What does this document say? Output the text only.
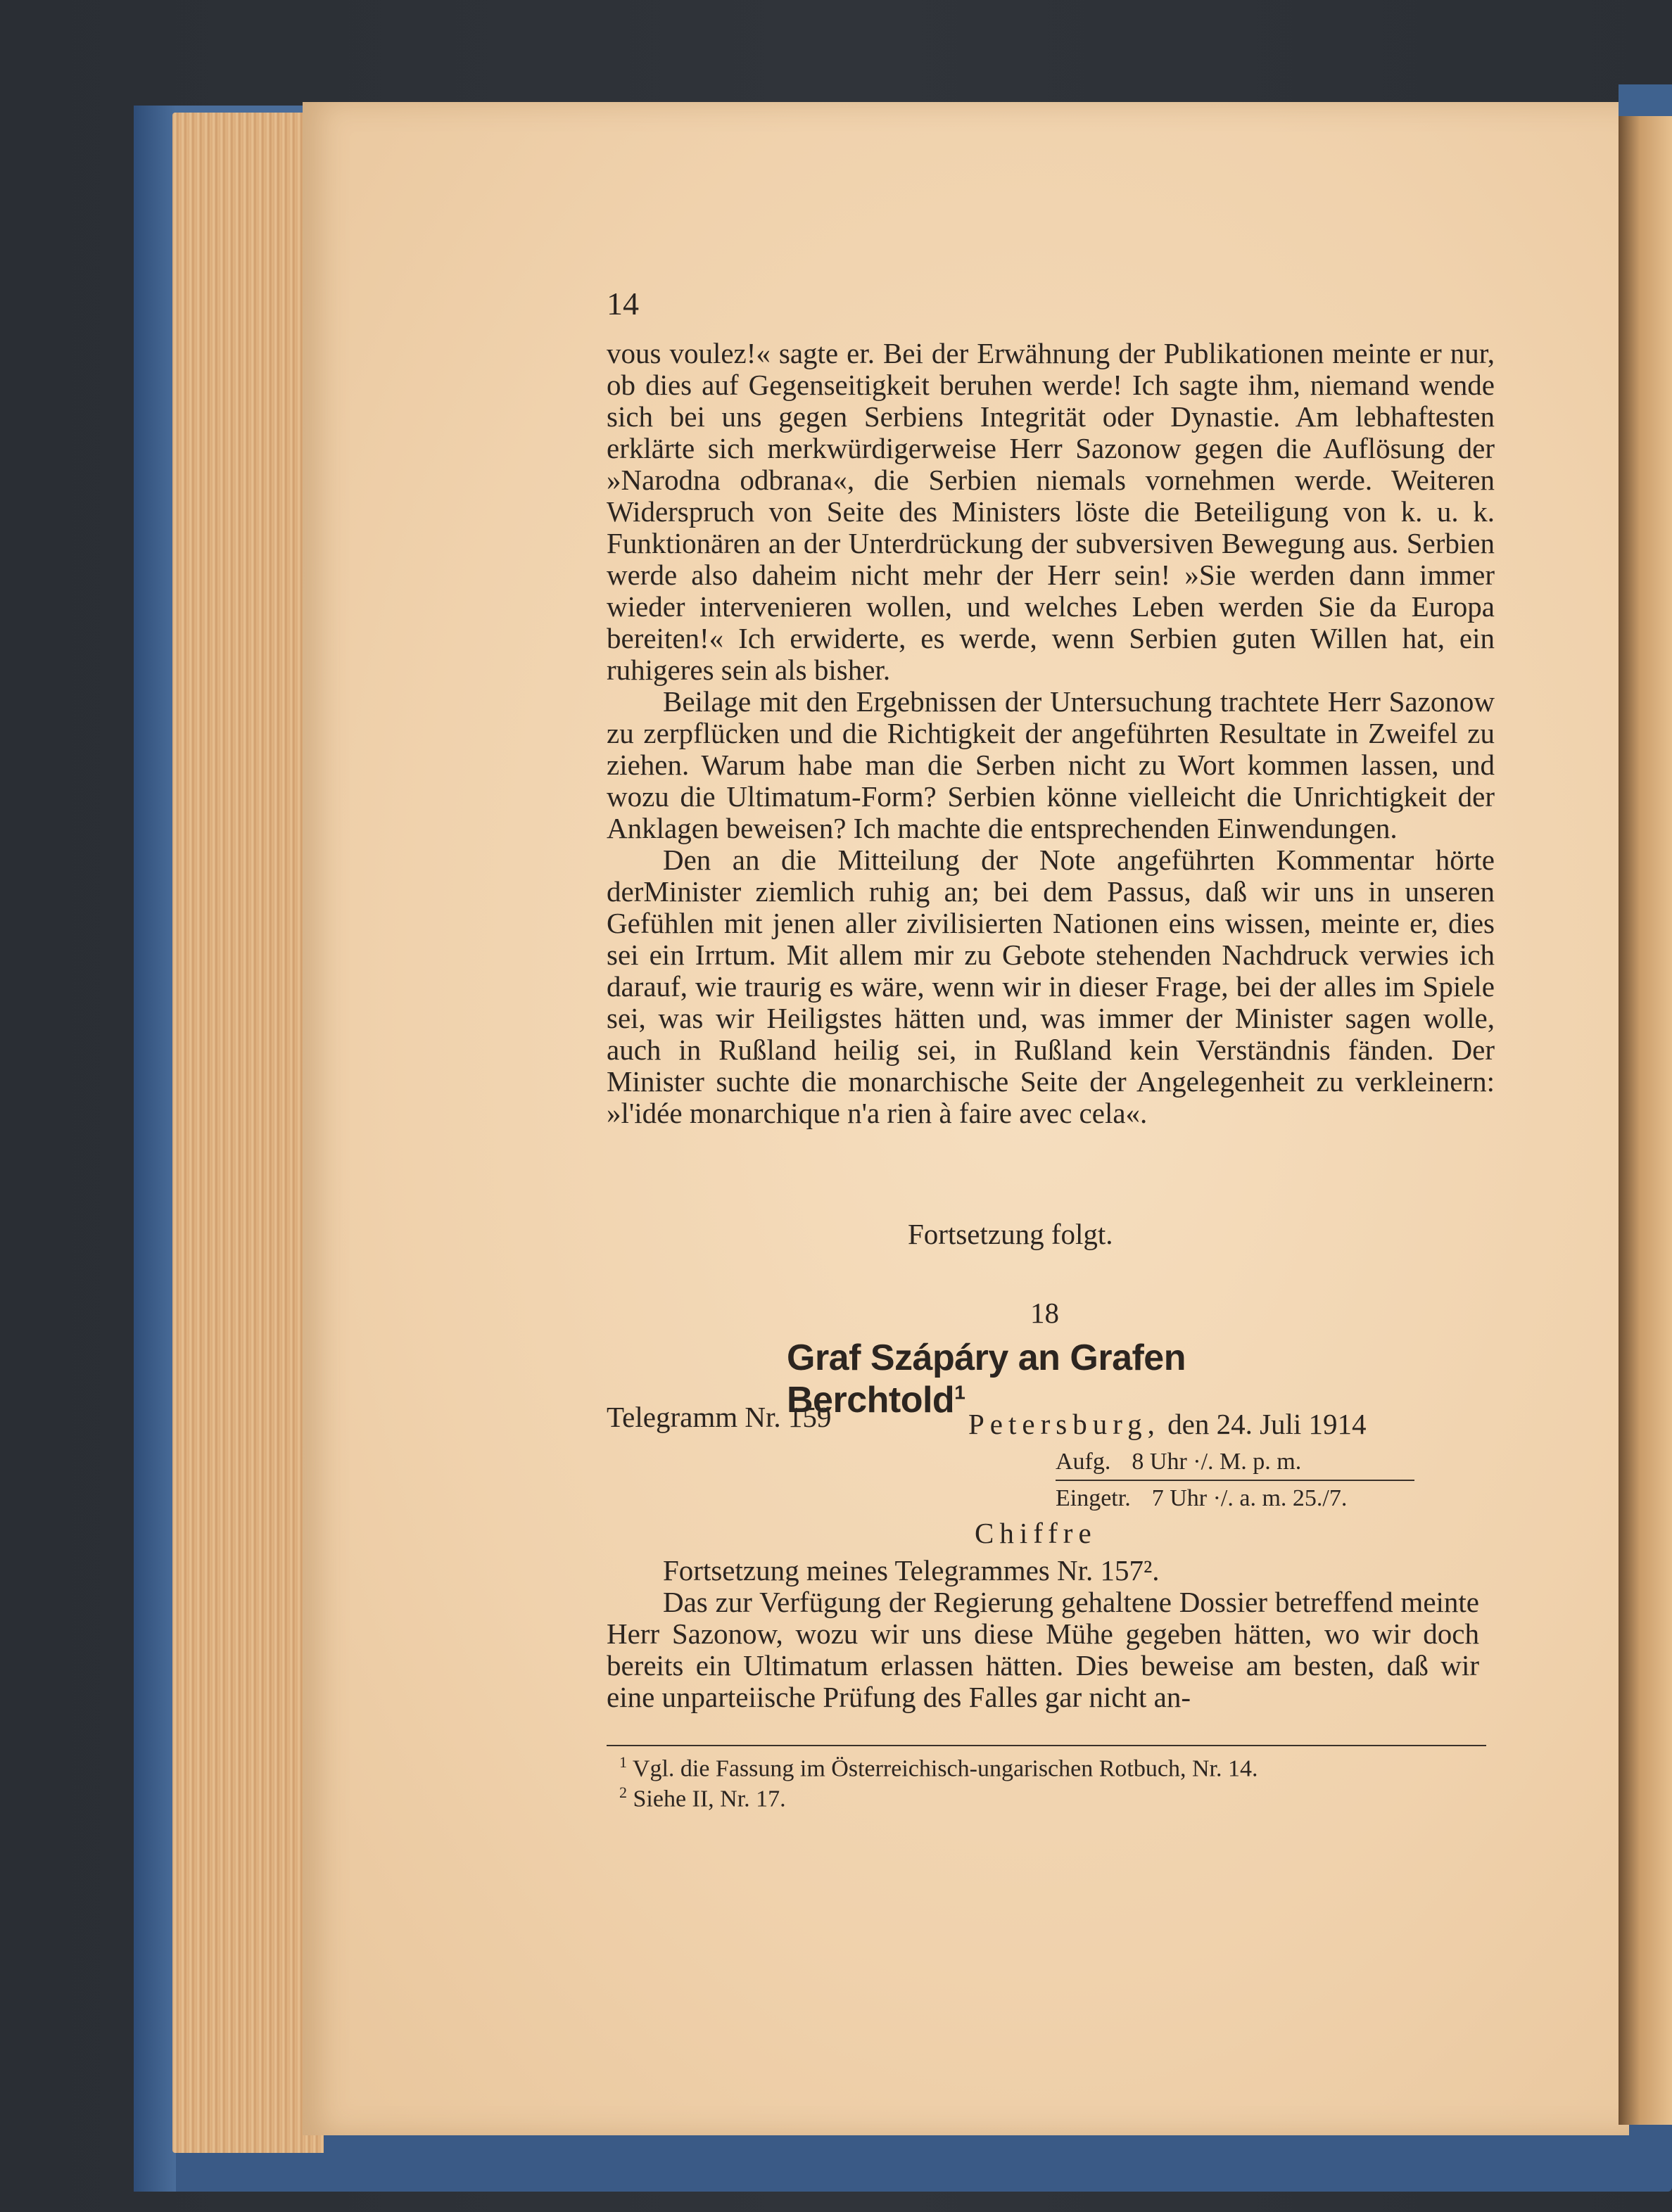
14

vous voulez!« sagte er. Bei der Erwähnung der Publikationen meinte er nur, ob dies auf Gegenseitigkeit beruhen werde! Ich sagte ihm, niemand wende sich bei uns gegen Serbiens Integrität oder Dynastie. Am lebhaftesten erklärte sich merkwürdigerweise Herr Sazonow gegen die Auflösung der »Narodna odbrana«, die Serbien niemals vornehmen werde. Weiteren Widerspruch von Seite des Ministers löste die Beteiligung von k. u. k. Funktionären an der Unterdrückung der subversiven Bewegung aus. Serbien werde also daheim nicht mehr der Herr sein! »Sie werden dann immer wieder intervenieren wollen, und welches Leben werden Sie da Europa bereiten!« Ich erwiderte, es werde, wenn Serbien guten Willen hat, ein ruhigeres sein als bisher.

Beilage mit den Ergebnissen der Untersuchung trachtete Herr Sazonow zu zerpflücken und die Richtigkeit der angeführten Resultate in Zweifel zu ziehen. Warum habe man die Serben nicht zu Wort kommen lassen, und wozu die Ultimatum-Form? Serbien könne vielleicht die Unrichtigkeit der Anklagen beweisen? Ich machte die entsprechenden Einwendungen.

Den an die Mitteilung der Note angeführten Kommentar hörte derMinister ziemlich ruhig an; bei dem Passus, daß wir uns in unseren Gefühlen mit jenen aller zivilisierten Nationen eins wissen, meinte er, dies sei ein Irrtum. Mit allem mir zu Gebote stehenden Nachdruck verwies ich darauf, wie traurig es wäre, wenn wir in dieser Frage, bei der alles im Spiele sei, was wir Heiligstes hätten und, was immer der Minister sagen wolle, auch in Rußland heilig sei, in Rußland kein Verständnis fänden. Der Minister suchte die monarchische Seite der Angelegenheit zu verkleinern: »l'idée monarchique n'a rien à faire avec cela«.

Fortsetzung folgt.
18
Graf Szápáry an Grafen Berchtold$^1$
Telegramm Nr. 159	Petersburg, den 24. Juli 1914
Aufg. 8 Uhr ·/. M. p. m.
Eingetr. 7 Uhr ·/. a. m. 25./7.
Chiffre

Fortsetzung meines Telegrammes Nr. 157².

Das zur Verfügung der Regierung gehaltene Dossier betreffend meinte Herr Sazonow, wozu wir uns diese Mühe gegeben hätten, wo wir doch bereits ein Ultimatum erlassen hätten. Dies beweise am besten, daß wir eine unparteiische Prüfung des Falles gar nicht an-

$^1$ Vgl. die Fassung im Österreichisch-ungarischen Rotbuch, Nr. 14.
$^2$ Siehe II, Nr. 17.
